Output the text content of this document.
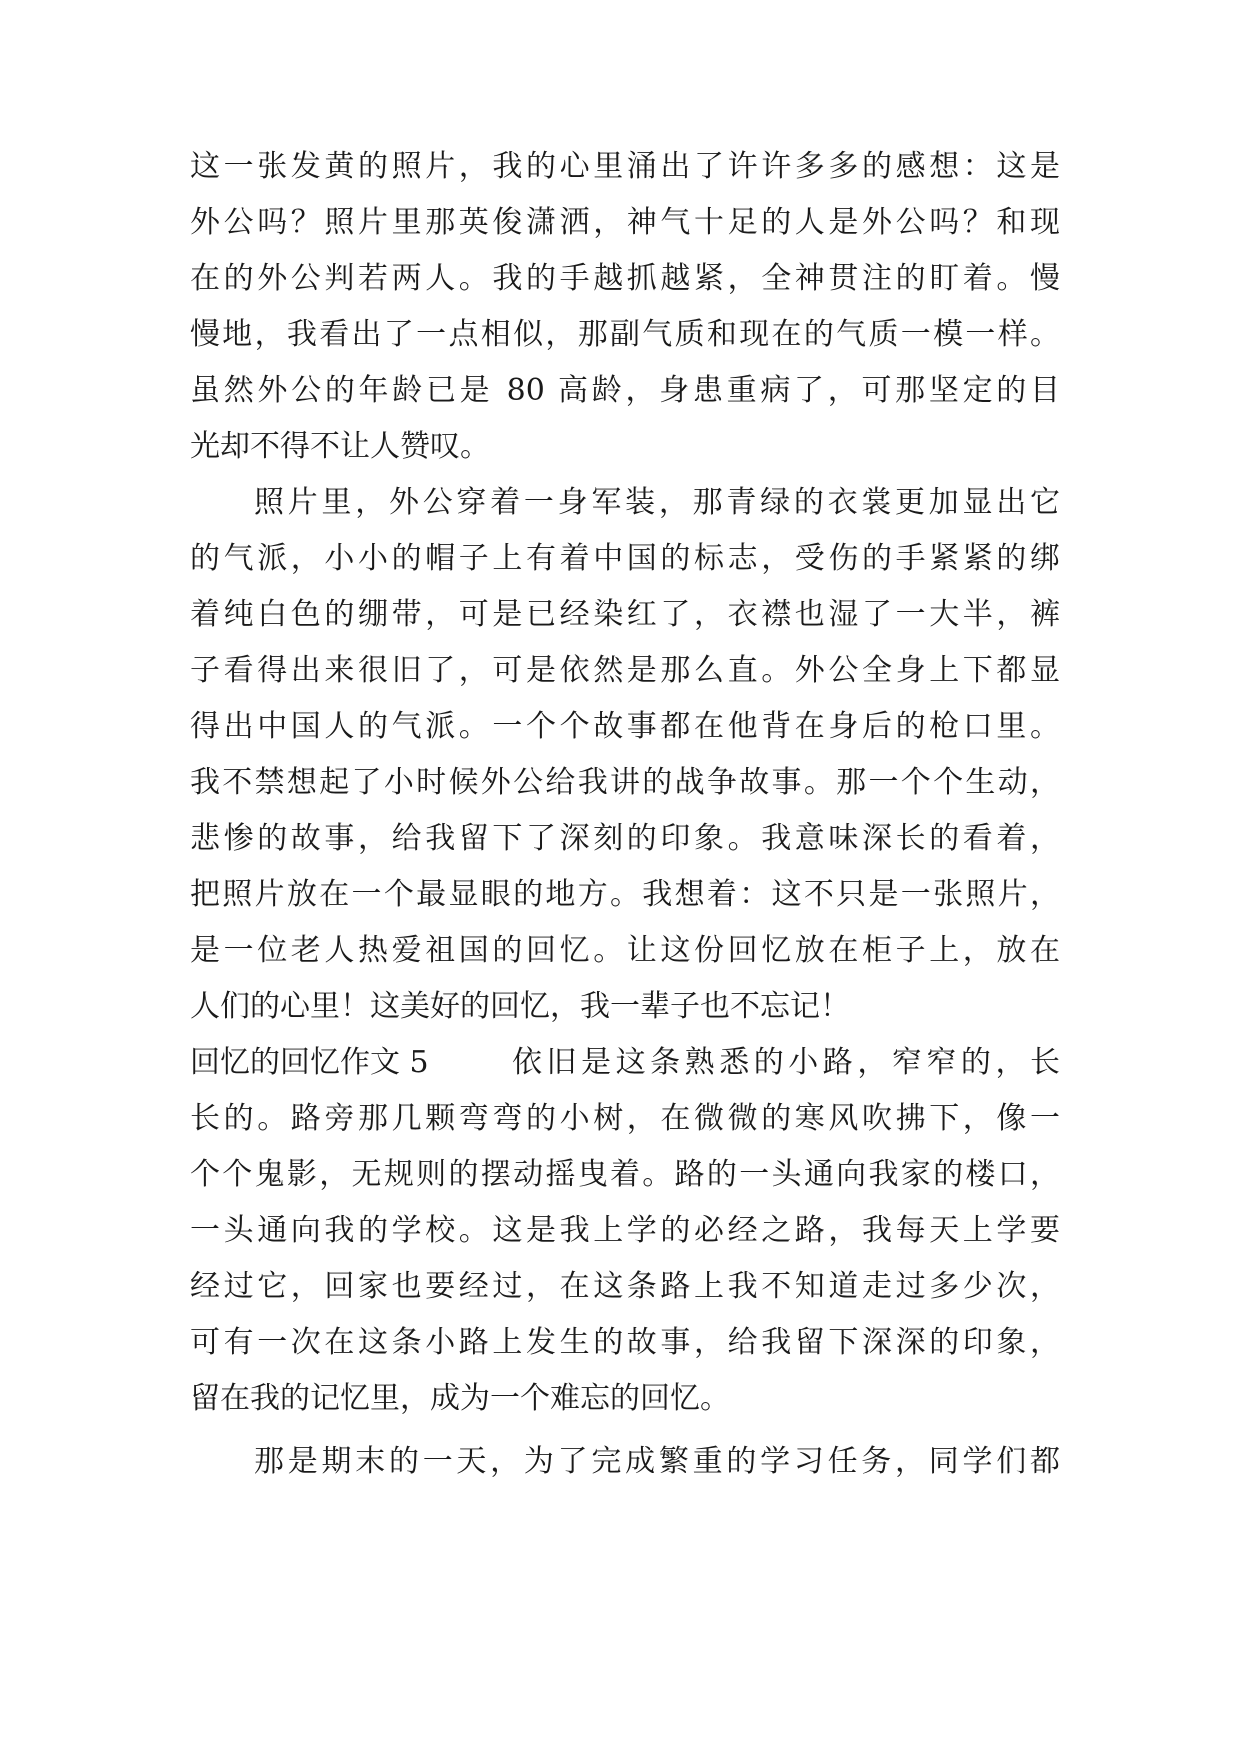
这一张发黄的照片，我的心里涌出了许许多多的感想：这是
外公吗？照片里那英俊潇洒，神气十足的人是外公吗？和现
在的外公判若两人。我的手越抓越紧，全神贯注的盯着。慢
慢地，我看出了一点相似，那副气质和现在的气质一模一样。
虽然外公的年龄已是 80 高龄，身患重病了，可那坚定的目
光却不得不让人赞叹。
照片里，外公穿着一身军装，那青绿的衣裳更加显出它
的气派，小小的帽子上有着中国的标志，受伤的手紧紧的绑
着纯白色的绷带，可是已经染红了，衣襟也湿了一大半，裤
子看得出来很旧了，可是依然是那么直。外公全身上下都显
得出中国人的气派。一个个故事都在他背在身后的枪口里。
我不禁想起了小时候外公给我讲的战争故事。那一个个生动，
悲惨的故事，给我留下了深刻的印象。我意味深长的看着，
把照片放在一个最显眼的地方。我想着：这不只是一张照片，
是一位老人热爱祖国的回忆。让这份回忆放在柜子上，放在
人们的心里！这美好的回忆，我一辈子也不忘记！
回忆的回忆作文 5	依旧是这条熟悉的小路，窄窄的，长
长的。路旁那几颗弯弯的小树，在微微的寒风吹拂下，像一
个个鬼影，无规则的摆动摇曳着。路的一头通向我家的楼口，
一头通向我的学校。这是我上学的必经之路，我每天上学要
经过它，回家也要经过，在这条路上我不知道走过多少次，
可有一次在这条小路上发生的故事，给我留下深深的印象，
留在我的记忆里，成为一个难忘的回忆。
那是期末的一天，为了完成繁重的学习任务，同学们都
